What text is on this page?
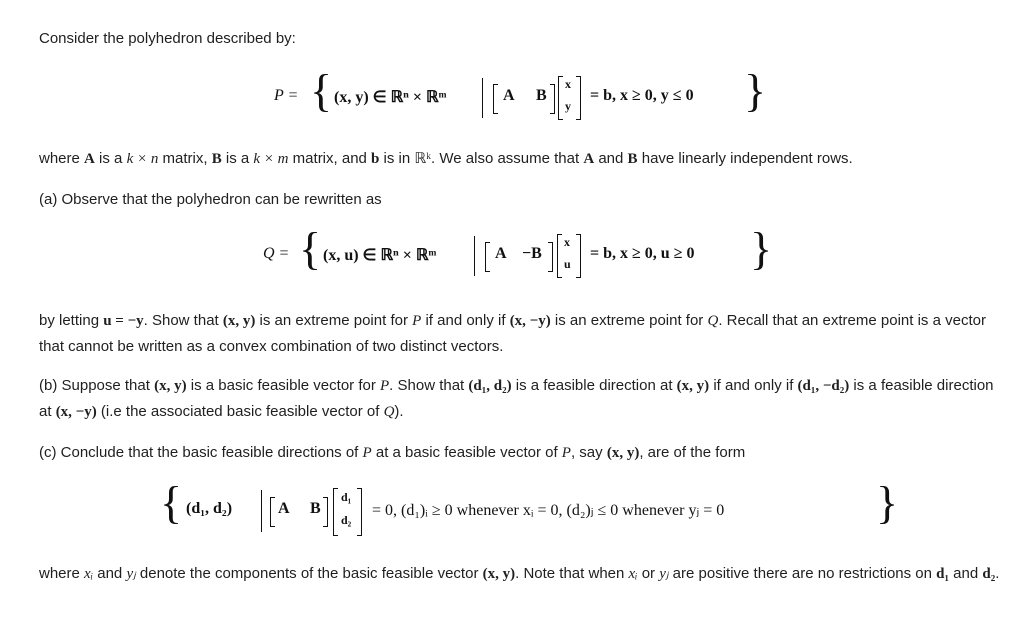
Consider the polyhedron described by:
P = { (x, y) ∈ ℝⁿ × ℝᵐ	A B
x
y
= b, x ≥ 0, y ≤ 0 }
where A is a k × n matrix, B is a k × m matrix, and b is in ℝᵏ. We also assume that A and B have linearly independent rows.
(a) Observe that the polyhedron can be rewritten as
Q = { (x, u) ∈ ℝⁿ × ℝᵐ	A −B
x
u
= b, x ≥ 0, u ≥ 0 }
by letting u = −y. Show that (x, y) is an extreme point for P if and only if (x, −y) is an extreme point for Q. Recall that an extreme point is a vector that cannot be written as a convex combination of two distinct vectors.
(b) Suppose that (x, y) is a basic feasible vector for P. Show that (d₁, d₂) is a feasible direction at (x, y) if and only if (d₁, −d₂) is a feasible direction at (x, −y) (i.e the associated basic feasible vector of Q).
(c) Conclude that the basic feasible directions of P at a basic feasible vector of P, say (x, y), are of the form
{ (d₁, d₂)	A B
d₁
d₂
= 0, (d₁)ᵢ ≥ 0 whenever xᵢ = 0, (d₂)ⱼ ≤ 0 whenever yⱼ = 0	}
where xᵢ and yⱼ denote the components of the basic feasible vector (x, y). Note that when xᵢ or yⱼ are positive there are no restrictions on d₁ and d₂.
